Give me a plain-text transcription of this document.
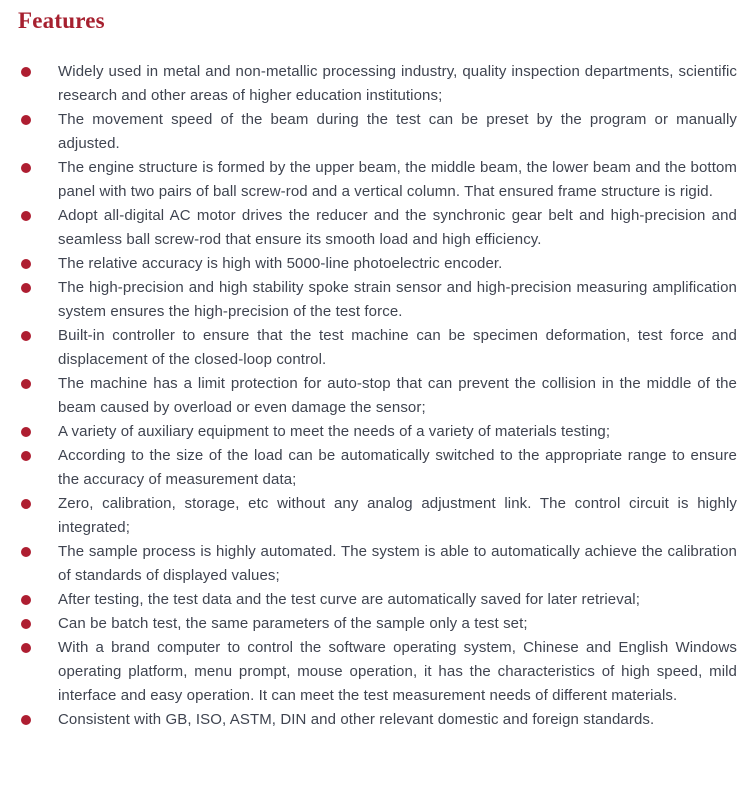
Features
Widely used in metal and non-metallic processing industry, quality inspection departments, scientific research and other areas of higher education institutions;
The movement speed of the beam during the test can be preset by the program or manually adjusted.
The engine structure is formed by the upper beam, the middle beam, the lower beam and the bottom panel with two pairs of ball screw-rod and a vertical column. That ensured frame structure is rigid.
Adopt all-digital AC motor drives the reducer and the synchronic gear belt and high-precision and seamless ball screw-rod that ensure its smooth load and high efficiency.
The relative accuracy is high with 5000-line photoelectric encoder.
The high-precision and high stability spoke strain sensor and high-precision measuring amplification system ensures the high-precision of the test force.
Built-in controller to ensure that the test machine can be specimen deformation, test force and displacement of the closed-loop control.
The machine has a limit protection for auto-stop that can prevent the collision in the middle of the beam caused by overload or even damage the sensor;
A variety of auxiliary equipment to meet the needs of a variety of materials testing;
According to the size of the load can be automatically switched to the appropriate range to ensure the accuracy of measurement data;
Zero, calibration, storage, etc without any analog adjustment link. The control circuit is highly integrated;
The sample process is highly automated. The system is able to automatically achieve the calibration of standards of displayed values;
After testing, the test data and the test curve are automatically saved for later retrieval;
Can be batch test, the same parameters of the sample only a test set;
With a brand computer to control the software operating system, Chinese and English Windows operating platform, menu prompt, mouse operation, it has the characteristics of high speed, mild interface and easy operation. It can meet the test measurement needs of different materials.
Consistent with GB, ISO, ASTM, DIN and other relevant domestic and foreign standards.
